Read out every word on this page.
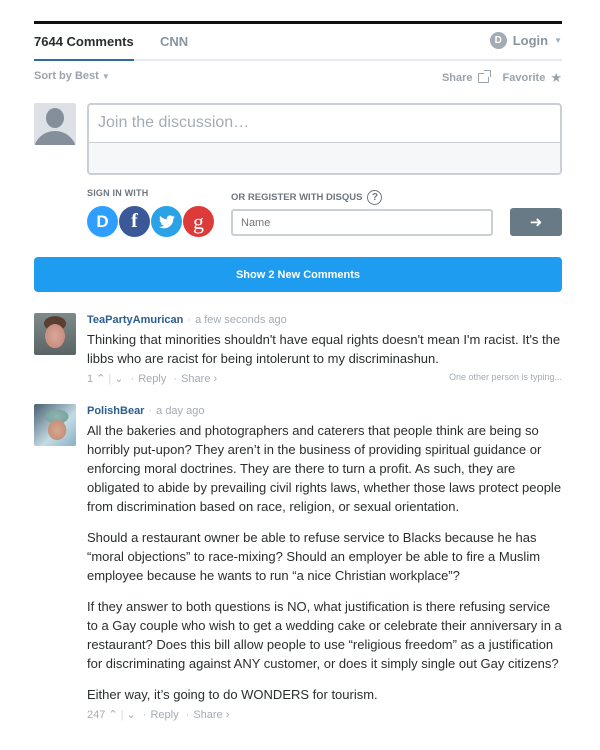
7644 Comments CNN	D Login ▼
Sort by Best ▼	Share	Favorite ★
Join the discussion…
SIGN IN WITH	OR REGISTER WITH DISQUS ?
D	f	g
Name	➜
Show 2 New Comments
TeaPartyAmurican · a few seconds ago

Thinking that minorities shouldn't have equal rights doesn't mean I'm racist. It's the libbs who are racist for being intolerunt to my discriminashun.

1 ⌃ | ⌄ · Reply · Share ›	One other person is typing...
PolishBear · a day ago

All the bakeries and photographers and caterers that people think are being so horribly put-upon? They aren’t in the business of providing spiritual guidance or enforcing moral doctrines. They are there to turn a profit. As such, they are obligated to abide by prevailing civil rights laws, whether those laws protect people from discrimination based on race, religion, or sexual orientation.

Should a restaurant owner be able to refuse service to Blacks because he has “moral objections” to race-mixing? Should an employer be able to fire a Muslim employee because he wants to run “a nice Christian workplace”?

If they answer to both questions is NO, what justification is there refusing service to a Gay couple who wish to get a wedding cake or celebrate their anniversary in a restaurant? Does this bill allow people to use “religious freedom” as a justification for discriminating against ANY customer, or does it simply single out Gay citizens?

Either way, it’s going to do WONDERS for tourism.

247 ⌃ | ⌄ · Reply · Share ›
